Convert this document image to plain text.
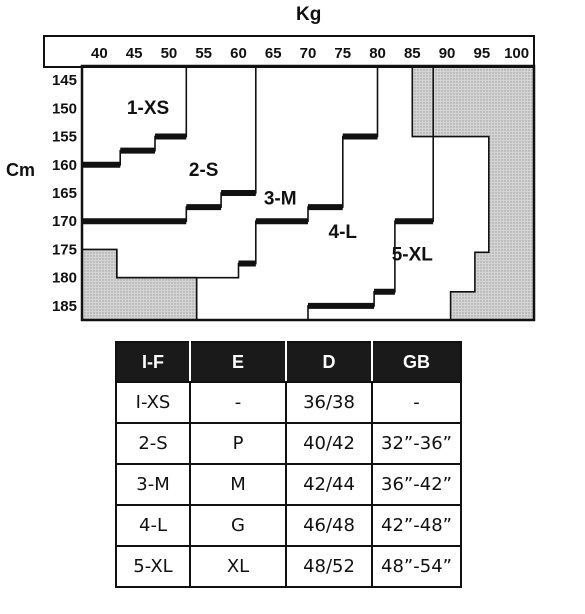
Kg
Cm
40 45 50 55 60 65 70 75 80 85 90 95 100
145
150
155
160
165
170
175
180
185
1-XS
2-S
3-M
4-L
5-XL
I-F	E	D	GB
I-XS	-	36/38	-
2-S	P	40/42	32”-36”
3-M	M	42/44	36”-42”
4-L	G	46/48	42”-48”
5-XL	XL	48/52	48”-54”
